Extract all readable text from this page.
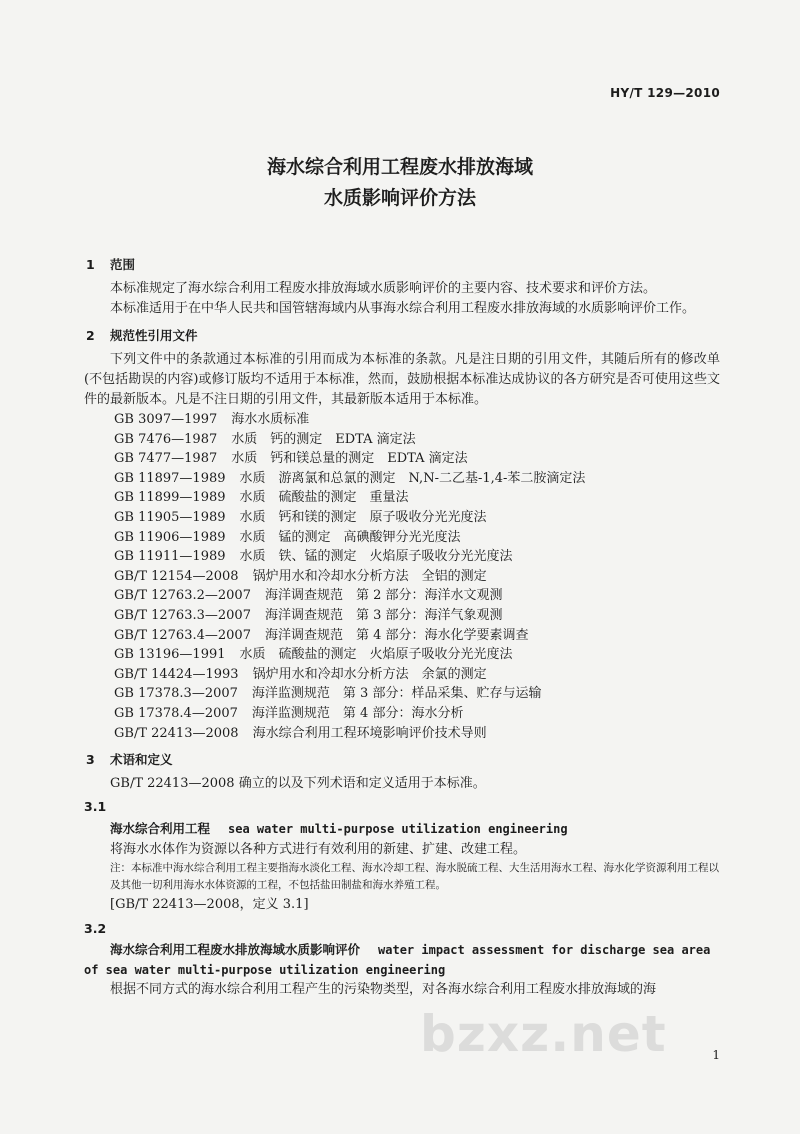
HY/T 129—2010
海水综合利用工程废水排放海域
水质影响评价方法
1 范围

本标准规定了海水综合利用工程废水排放海域水质影响评价的主要内容、技术要求和评价方法。

本标准适用于在中华人民共和国管辖海域内从事海水综合利用工程废水排放海域的水质影响评价工作。

2 规范性引用文件

下列文件中的条款通过本标准的引用而成为本标准的条款。凡是注日期的引用文件，其随后所有的修改单(不包括勘误的内容)或修订版均不适用于本标准，然而，鼓励根据本标准达成协议的各方研究是否可使用这些文件的最新版本。凡是不注日期的引用文件，其最新版本适用于本标准。

GB 3097—1997 海水水质标准
GB 7476—1987 水质　钙的测定　EDTA 滴定法
GB 7477—1987 水质　钙和镁总量的测定　EDTA 滴定法
GB 11897—1989 水质　游离氯和总氯的测定　N,N-二乙基-1,4-苯二胺滴定法
GB 11899—1989 水质　硫酸盐的测定　重量法
GB 11905—1989 水质　钙和镁的测定　原子吸收分光光度法
GB 11906—1989 水质　锰的测定　高碘酸钾分光光度法
GB 11911—1989 水质　铁、锰的测定　火焰原子吸收分光光度法
GB/T 12154—2008 锅炉用水和冷却水分析方法　全铝的测定
GB/T 12763.2—2007 海洋调查规范　第 2 部分：海洋水文观测
GB/T 12763.3—2007 海洋调查规范　第 3 部分：海洋气象观测
GB/T 12763.4—2007 海洋调查规范　第 4 部分：海水化学要素调查
GB 13196—1991 水质　硫酸盐的测定　火焰原子吸收分光光度法
GB/T 14424—1993 锅炉用水和冷却水分析方法　余氯的测定
GB 17378.3—2007 海洋监测规范　第 3 部分：样品采集、贮存与运输
GB 17378.4—2007 海洋监测规范　第 4 部分：海水分析
GB/T 22413—2008 海水综合利用工程环境影响评价技术导则
3 术语和定义

GB/T 22413—2008 确立的以及下列术语和定义适用于本标准。

3.1
海水综合利用工程 sea water multi-purpose utilization engineering

将海水水体作为资源以各种方式进行有效利用的新建、扩建、改建工程。

注：本标准中海水综合利用工程主要指海水淡化工程、海水冷却工程、海水脱硫工程、大生活用海水工程、海水化学资源利用工程以及其他一切利用海水水体资源的工程，不包括盐田制盐和海水养殖工程。
[GB/T 22413—2008，定义 3.1]
3.2
海水综合利用工程废水排放海域水质影响评价 water impact assessment for discharge sea area of sea water multi-purpose utilization engineering

根据不同方式的海水综合利用工程产生的污染物类型，对各海水综合利用工程废水排放海域的海

bzxz.net	1
